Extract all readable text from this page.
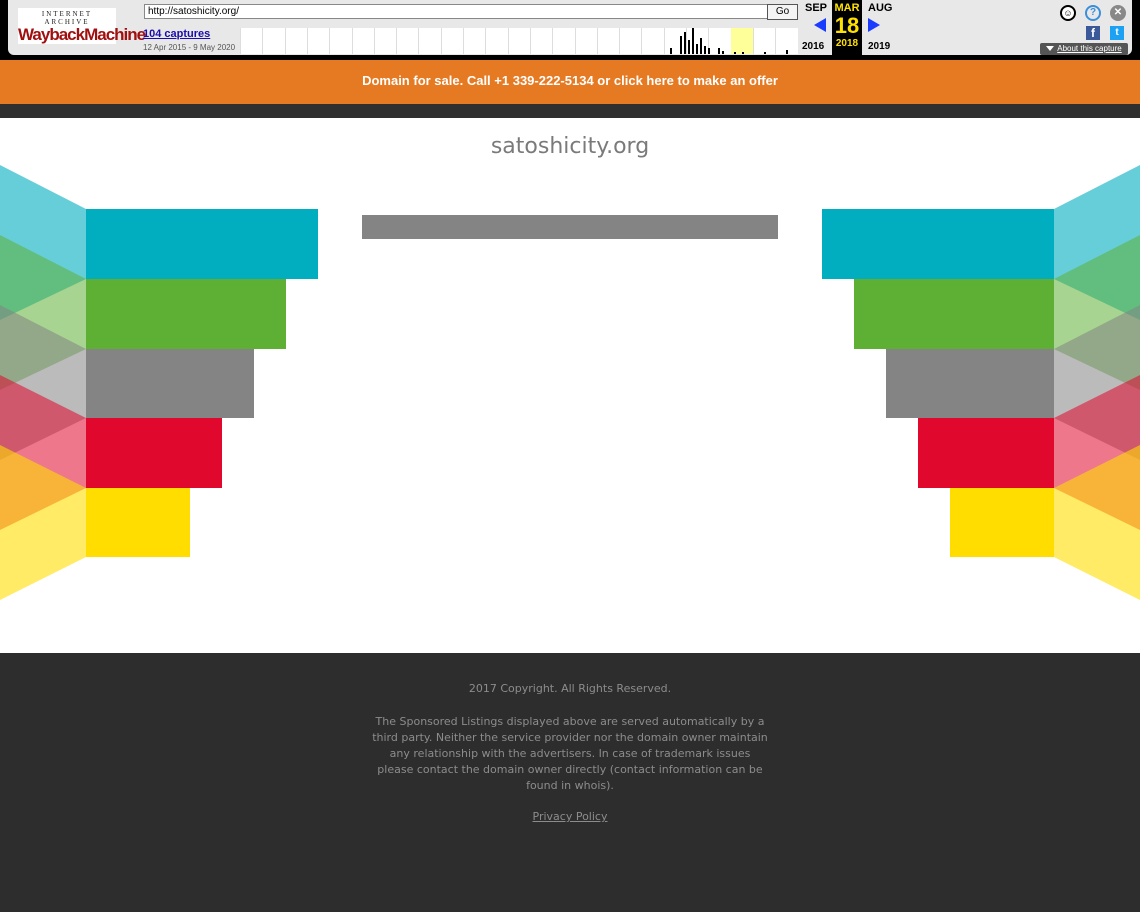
INTERNET ARCHIVE
WaybackMachine
http://satoshicity.org/	Go
104 captures
12 Apr 2015 - 9 May 2020
SEP
2016
MAR
18
2018
AUG
2019
☺	?	✕
f	t
About this capture
Domain for sale. Call +1 339-222-5134 or click here to make an offer
satoshicity.org
2017 Copyright. All Rights Reserved.
The Sponsored Listings displayed above are served automatically by a third party. Neither the service provider nor the domain owner maintain any relationship with the advertisers. In case of trademark issues please contact the domain owner directly (contact information can be found in whois).
Privacy Policy
